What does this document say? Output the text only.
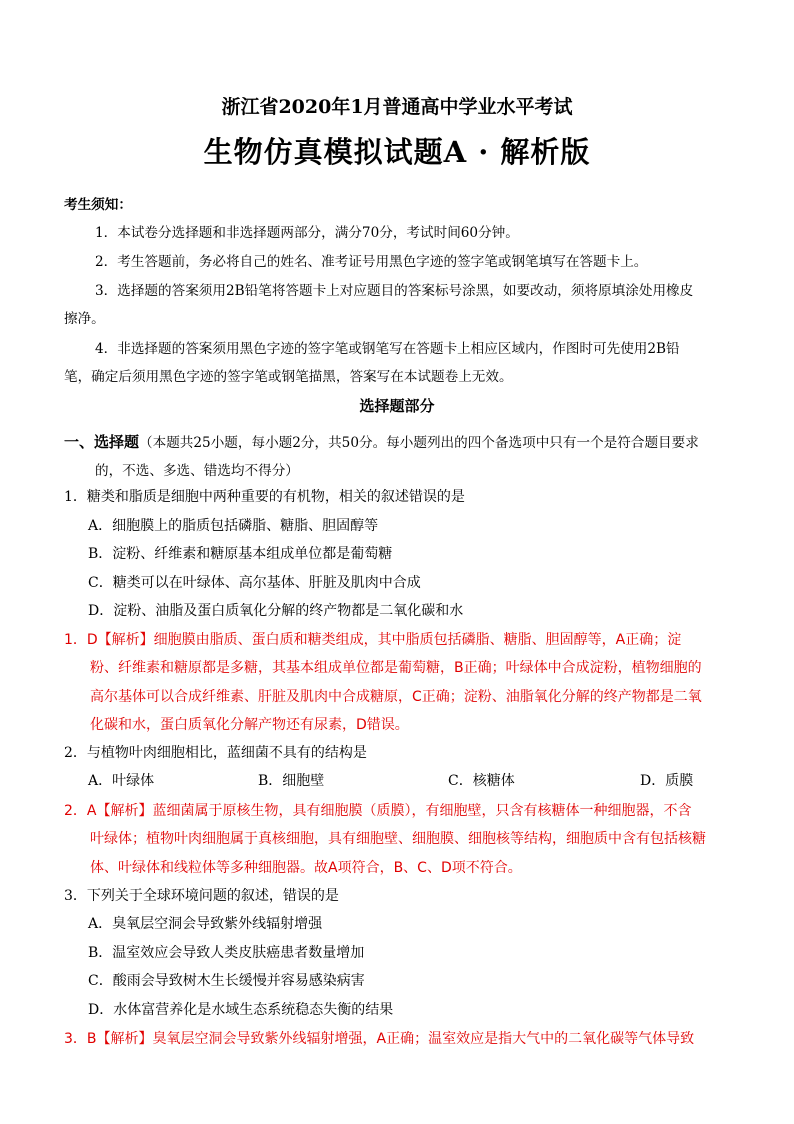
浙江省2020年1月普通高中学业水平考试
生物仿真模拟试题A · 解析版
考生须知：
1．本试卷分选择题和非选择题两部分，满分70分，考试时间60分钟。
2．考生答题前，务必将自己的姓名、准考证号用黑色字迹的签字笔或钢笔填写在答题卡上。
3．选择题的答案须用2B铅笔将答题卡上对应题目的答案标号涂黑，如要改动，须将原填涂处用橡皮
擦净。
4．非选择题的答案须用黑色字迹的签字笔或钢笔写在答题卡上相应区域内，作图时可先使用2B铅
笔，确定后须用黑色字迹的签字笔或钢笔描黑，答案写在本试题卷上无效。
选择题部分
一、选择题（本题共25小题，每小题2分，共50分。每小题列出的四个备选项中只有一个是符合题目要求
的，不选、多选、错选均不得分）
1．糖类和脂质是细胞中两种重要的有机物，相关的叙述错误的是
A．细胞膜上的脂质包括磷脂、糖脂、胆固醇等
B．淀粉、纤维素和糖原基本组成单位都是葡萄糖
C．糖类可以在叶绿体、高尔基体、肝脏及肌肉中合成
D．淀粉、油脂及蛋白质氧化分解的终产物都是二氧化碳和水
1．D【解析】细胞膜由脂质、蛋白质和糖类组成，其中脂质包括磷脂、糖脂、胆固醇等，A正确；淀
粉、纤维素和糖原都是多糖，其基本组成单位都是葡萄糖，B正确；叶绿体中合成淀粉，植物细胞的
高尔基体可以合成纤维素、肝脏及肌肉中合成糖原，C正确；淀粉、油脂氧化分解的终产物都是二氧
化碳和水，蛋白质氧化分解产物还有尿素，D错误。
2．与植物叶肉细胞相比，蓝细菌不具有的结构是
A．叶绿体	B．细胞壁	C．核糖体	D．质膜
2．A【解析】蓝细菌属于原核生物，具有细胞膜（质膜），有细胞壁，只含有核糖体一种细胞器，不含
叶绿体；植物叶肉细胞属于真核细胞，具有细胞壁、细胞膜、细胞核等结构，细胞质中含有包括核糖
体、叶绿体和线粒体等多种细胞器。故A项符合，B、C、D项不符合。
3．下列关于全球环境问题的叙述，错误的是
A．臭氧层空洞会导致紫外线辐射增强
B．温室效应会导致人类皮肤癌患者数量增加
C．酸雨会导致树木生长缓慢并容易感染病害
D．水体富营养化是水域生态系统稳态失衡的结果
3．B【解析】臭氧层空洞会导致紫外线辐射增强，A正确；温室效应是指大气中的二氧化碳等气体导致
